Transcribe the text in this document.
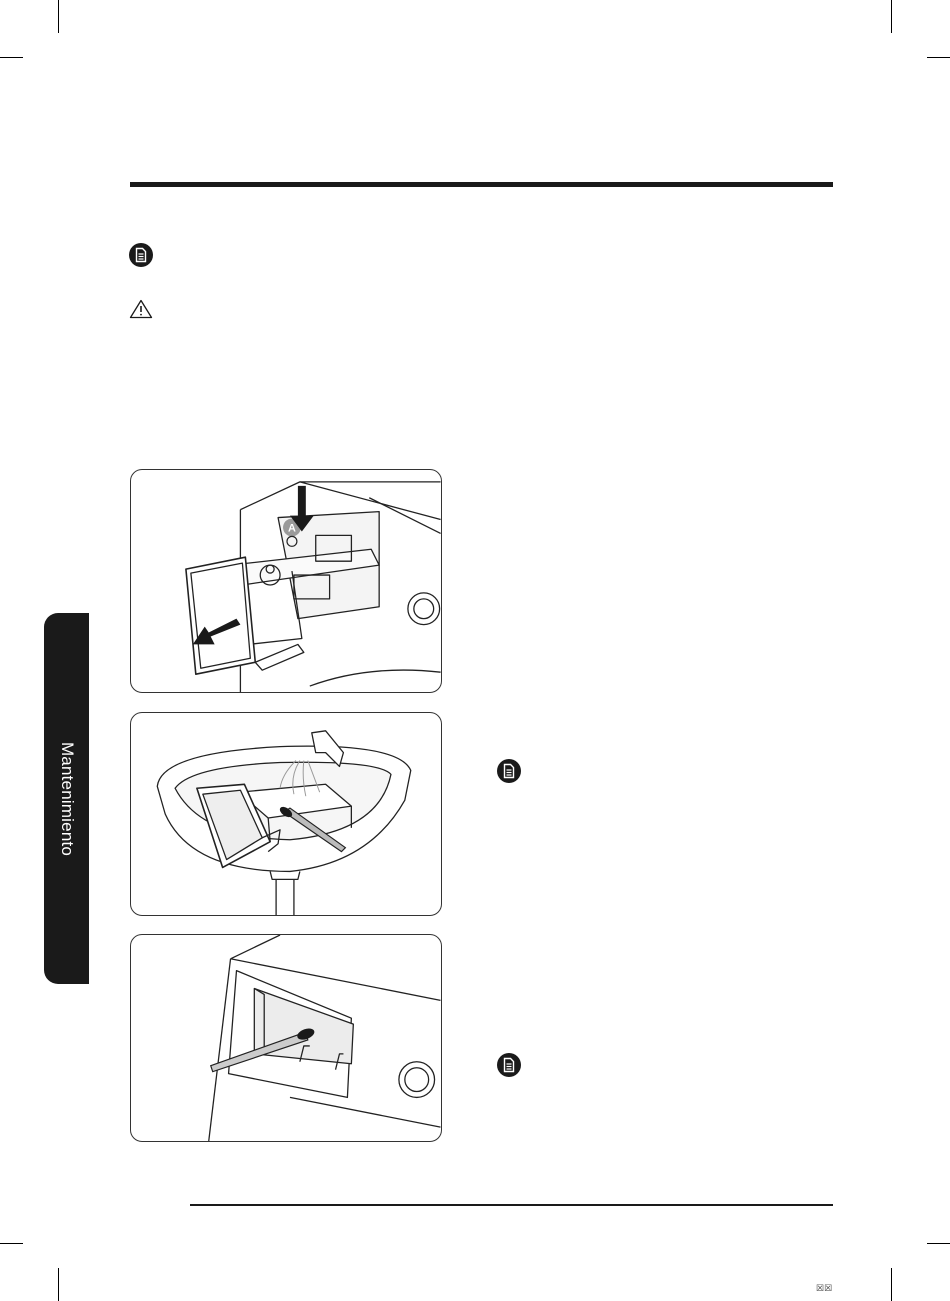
Mantenimiento
A
☒☒
